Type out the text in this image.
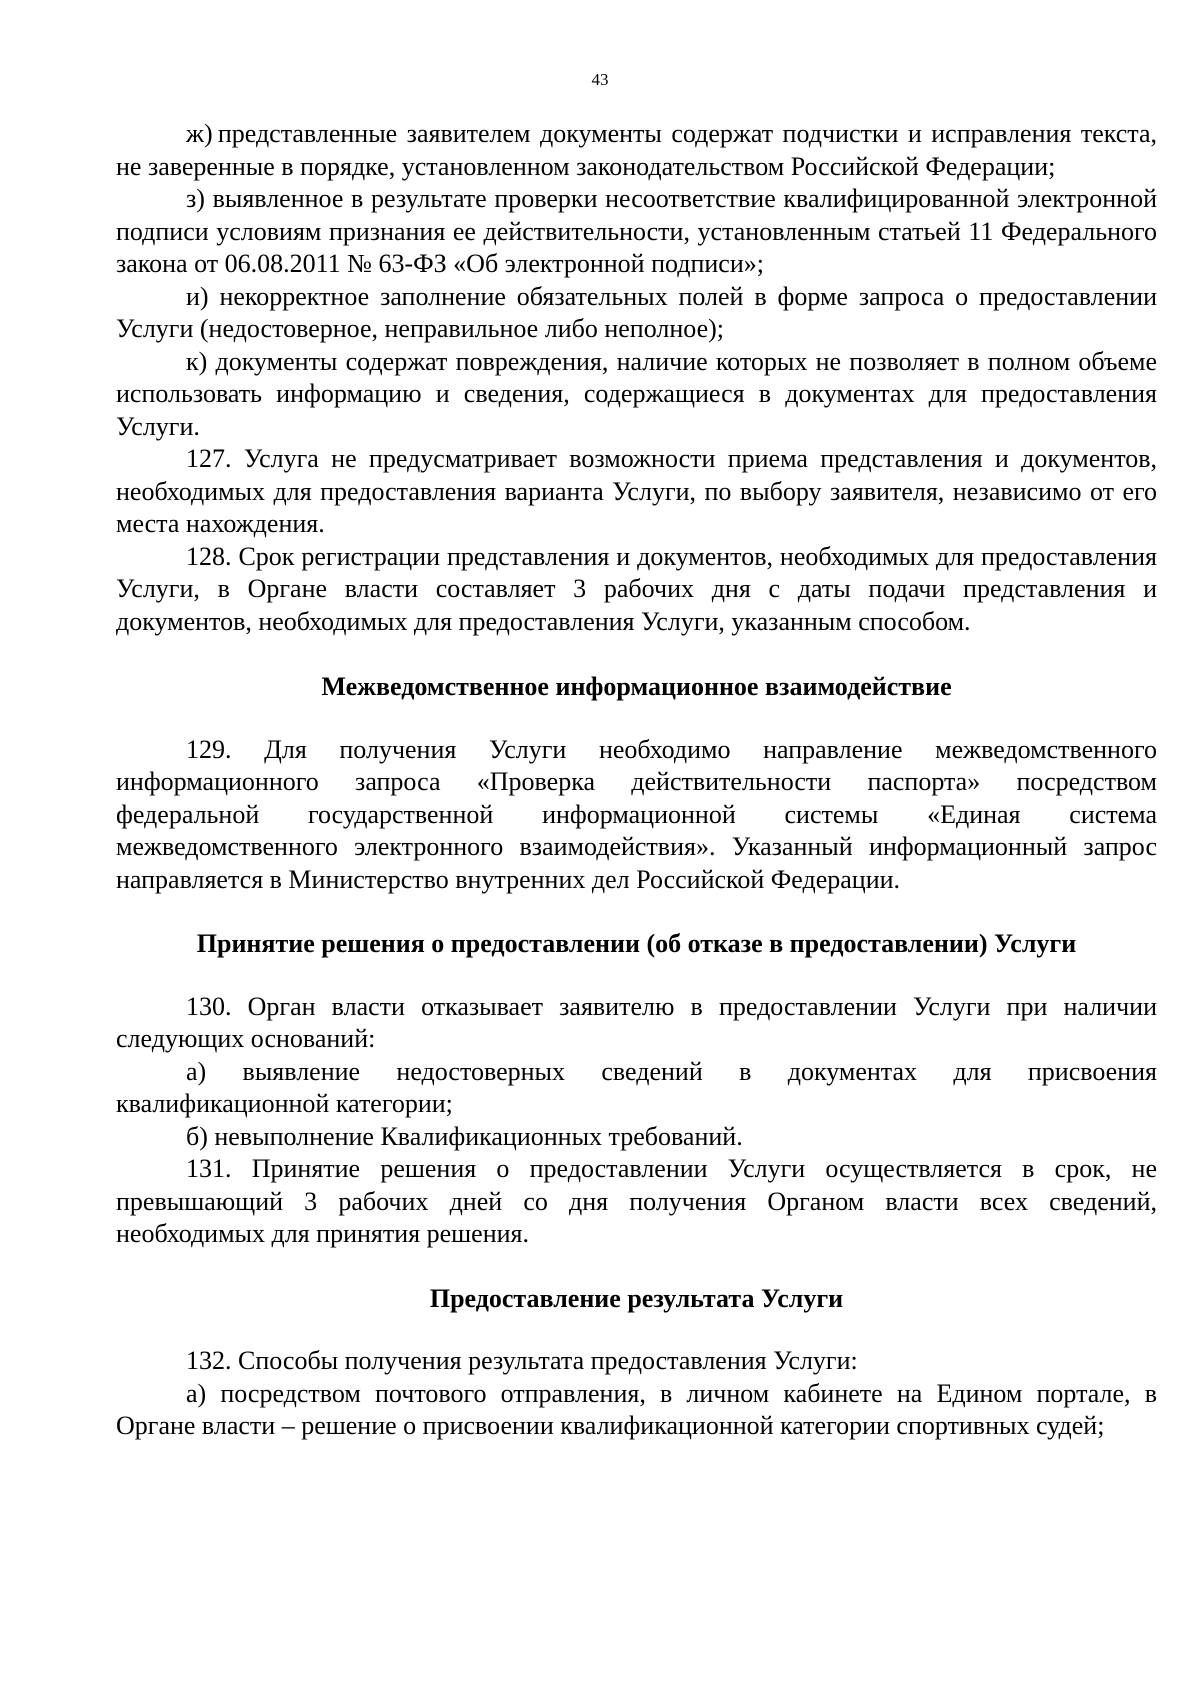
43

ж) представленные заявителем документы содержат подчистки и исправления текста, не заверенные в порядке, установленном законодательством Российской Федерации;

з) выявленное в результате проверки несоответствие квалифицированной электронной подписи условиям признания ее действительности, установленным статьей 11 Федерального закона от 06.08.2011 № 63-ФЗ «Об электронной подписи»;

и) некорректное заполнение обязательных полей в форме запроса о предоставлении Услуги (недостоверное, неправильное либо неполное);

к) документы содержат повреждения, наличие которых не позволяет в полном объеме использовать информацию и сведения, содержащиеся в документах для предоставления Услуги.

127. Услуга не предусматривает возможности приема представления и документов, необходимых для предоставления варианта Услуги, по выбору заявителя, независимо от его места нахождения.

128. Срок регистрации представления и документов, необходимых для предоставления Услуги, в Органе власти составляет 3 рабочих дня с даты подачи представления и документов, необходимых для предоставления Услуги, указанным способом.

Межведомственное информационное взаимодействие

129. Для получения Услуги необходимо направление межведомственного информационного запроса «Проверка действительности паспорта» посредством федеральной государственной информационной системы «Единая система межведомственного электронного взаимодействия». Указанный информационный запрос направляется в Министерство внутренних дел Российской Федерации.

Принятие решения о предоставлении (об отказе в предоставлении) Услуги

130. Орган власти отказывает заявителю в предоставлении Услуги при наличии следующих оснований:

а) выявление недостоверных сведений в документах для присвоения квалификационной категории;

б) невыполнение Квалификационных требований.

131. Принятие решения о предоставлении Услуги осуществляется в срок, не превышающий 3 рабочих дней со дня получения Органом власти всех сведений, необходимых для принятия решения.

Предоставление результата Услуги

132. Способы получения результата предоставления Услуги:

а) посредством почтового отправления, в личном кабинете на Едином портале, в Органе власти – решение о присвоении квалификационной категории спортивных судей;
